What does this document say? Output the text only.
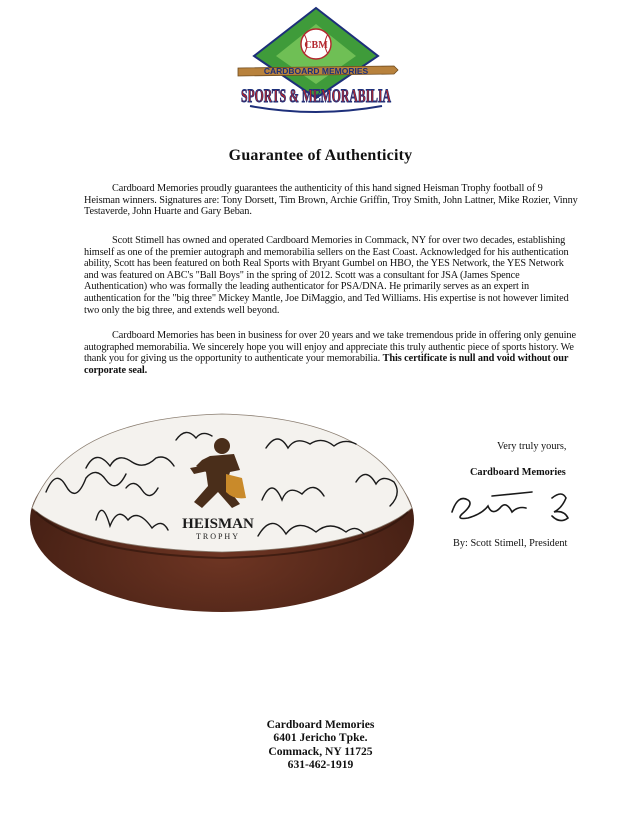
CBM
CARDBOARD MEMORIES
SPORTS & MEMORABILIA
Guarantee of Authenticity

Cardboard Memories proudly guarantees the authenticity of this hand signed Heisman Trophy football of 9 Heisman winners. Signatures are: Tony Dorsett, Tim Brown, Archie Griffin, Troy Smith, John Lattner, Mike Rozier, Vinny Testaverde, John Huarte and Gary Beban.

Scott Stimell has owned and operated Cardboard Memories in Commack, NY for over two decades, establishing himself as one of the premier autograph and memorabilia sellers on the East Coast. Acknowledged for his authentication ability, Scott has been featured on both Real Sports with Bryant Gumbel on HBO, the YES Network, the YES Network and was featured on ABC's "Ball Boys" in the spring of 2012. Scott was a consultant for JSA (James Spence Authentication) who was formally the leading authenticator for PSA/DNA. He primarily serves as an expert in authentication for the "big three" Mickey Mantle, Joe DiMaggio, and Ted Williams. His expertise is not however limited two only the big three, and extends well beyond.

Cardboard Memories has been in business for over 20 years and we take tremendous pride in offering only genuine autographed memorabilia. We sincerely hope you will enjoy and appreciate this truly authentic piece of sports history. We thank you for giving us the opportunity to authenticate your memorabilia. This certificate is null and void without our corporate seal.

HEISMAN
TROPHY

Very truly yours,

Cardboard Memories

By: Scott Stimell, President

Cardboard Memories
6401 Jericho Tpke.
Commack, NY 11725
631-462-1919
